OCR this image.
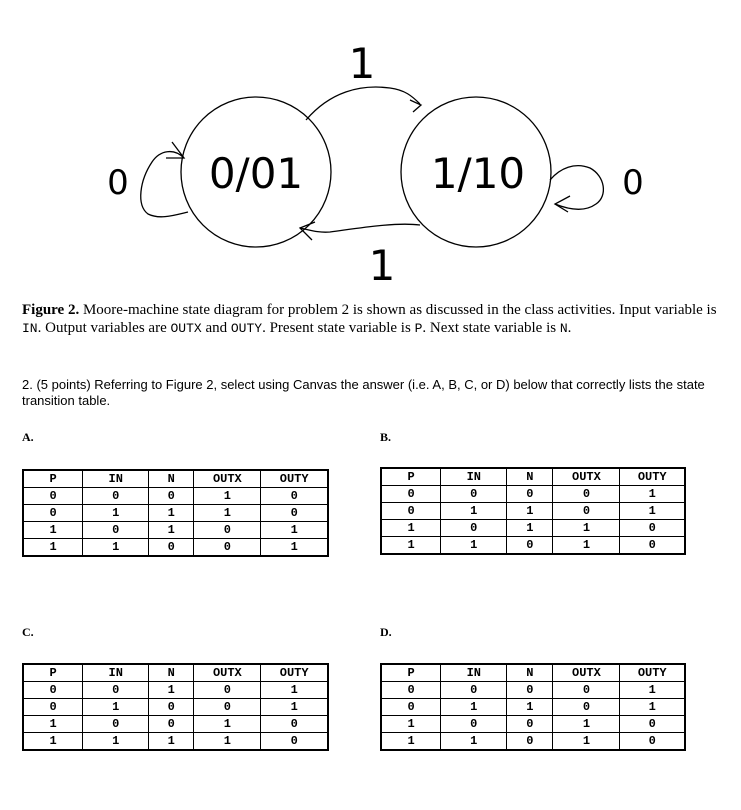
0/01	1/10
1
1
0	0
Figure 2. Moore-machine state diagram for problem 2 is shown as discussed in the class activities. Input variable is IN. Output variables are OUTX and OUTY. Present state variable is P. Next state variable is N.
2. (5 points) Referring to Figure 2, select using Canvas the answer (i.e. A, B, C, or D) below that correctly lists the state transition table.
A.
P	IN	N	OUTX	OUTY
0	0	0	1	0
0	1	1	1	0
1	0	1	0	1
1	1	0	0	1
B.
P	IN	N	OUTX	OUTY
0	0	0	0	1
0	1	1	0	1
1	0	1	1	0
1	1	0	1	0
C.
P	IN	N	OUTX	OUTY
0	0	1	0	1
0	1	0	0	1
1	0	0	1	0
1	1	1	1	0
D.
P	IN	N	OUTX	OUTY
0	0	0	0	1
0	1	1	0	1
1	0	0	1	0
1	1	0	1	0
